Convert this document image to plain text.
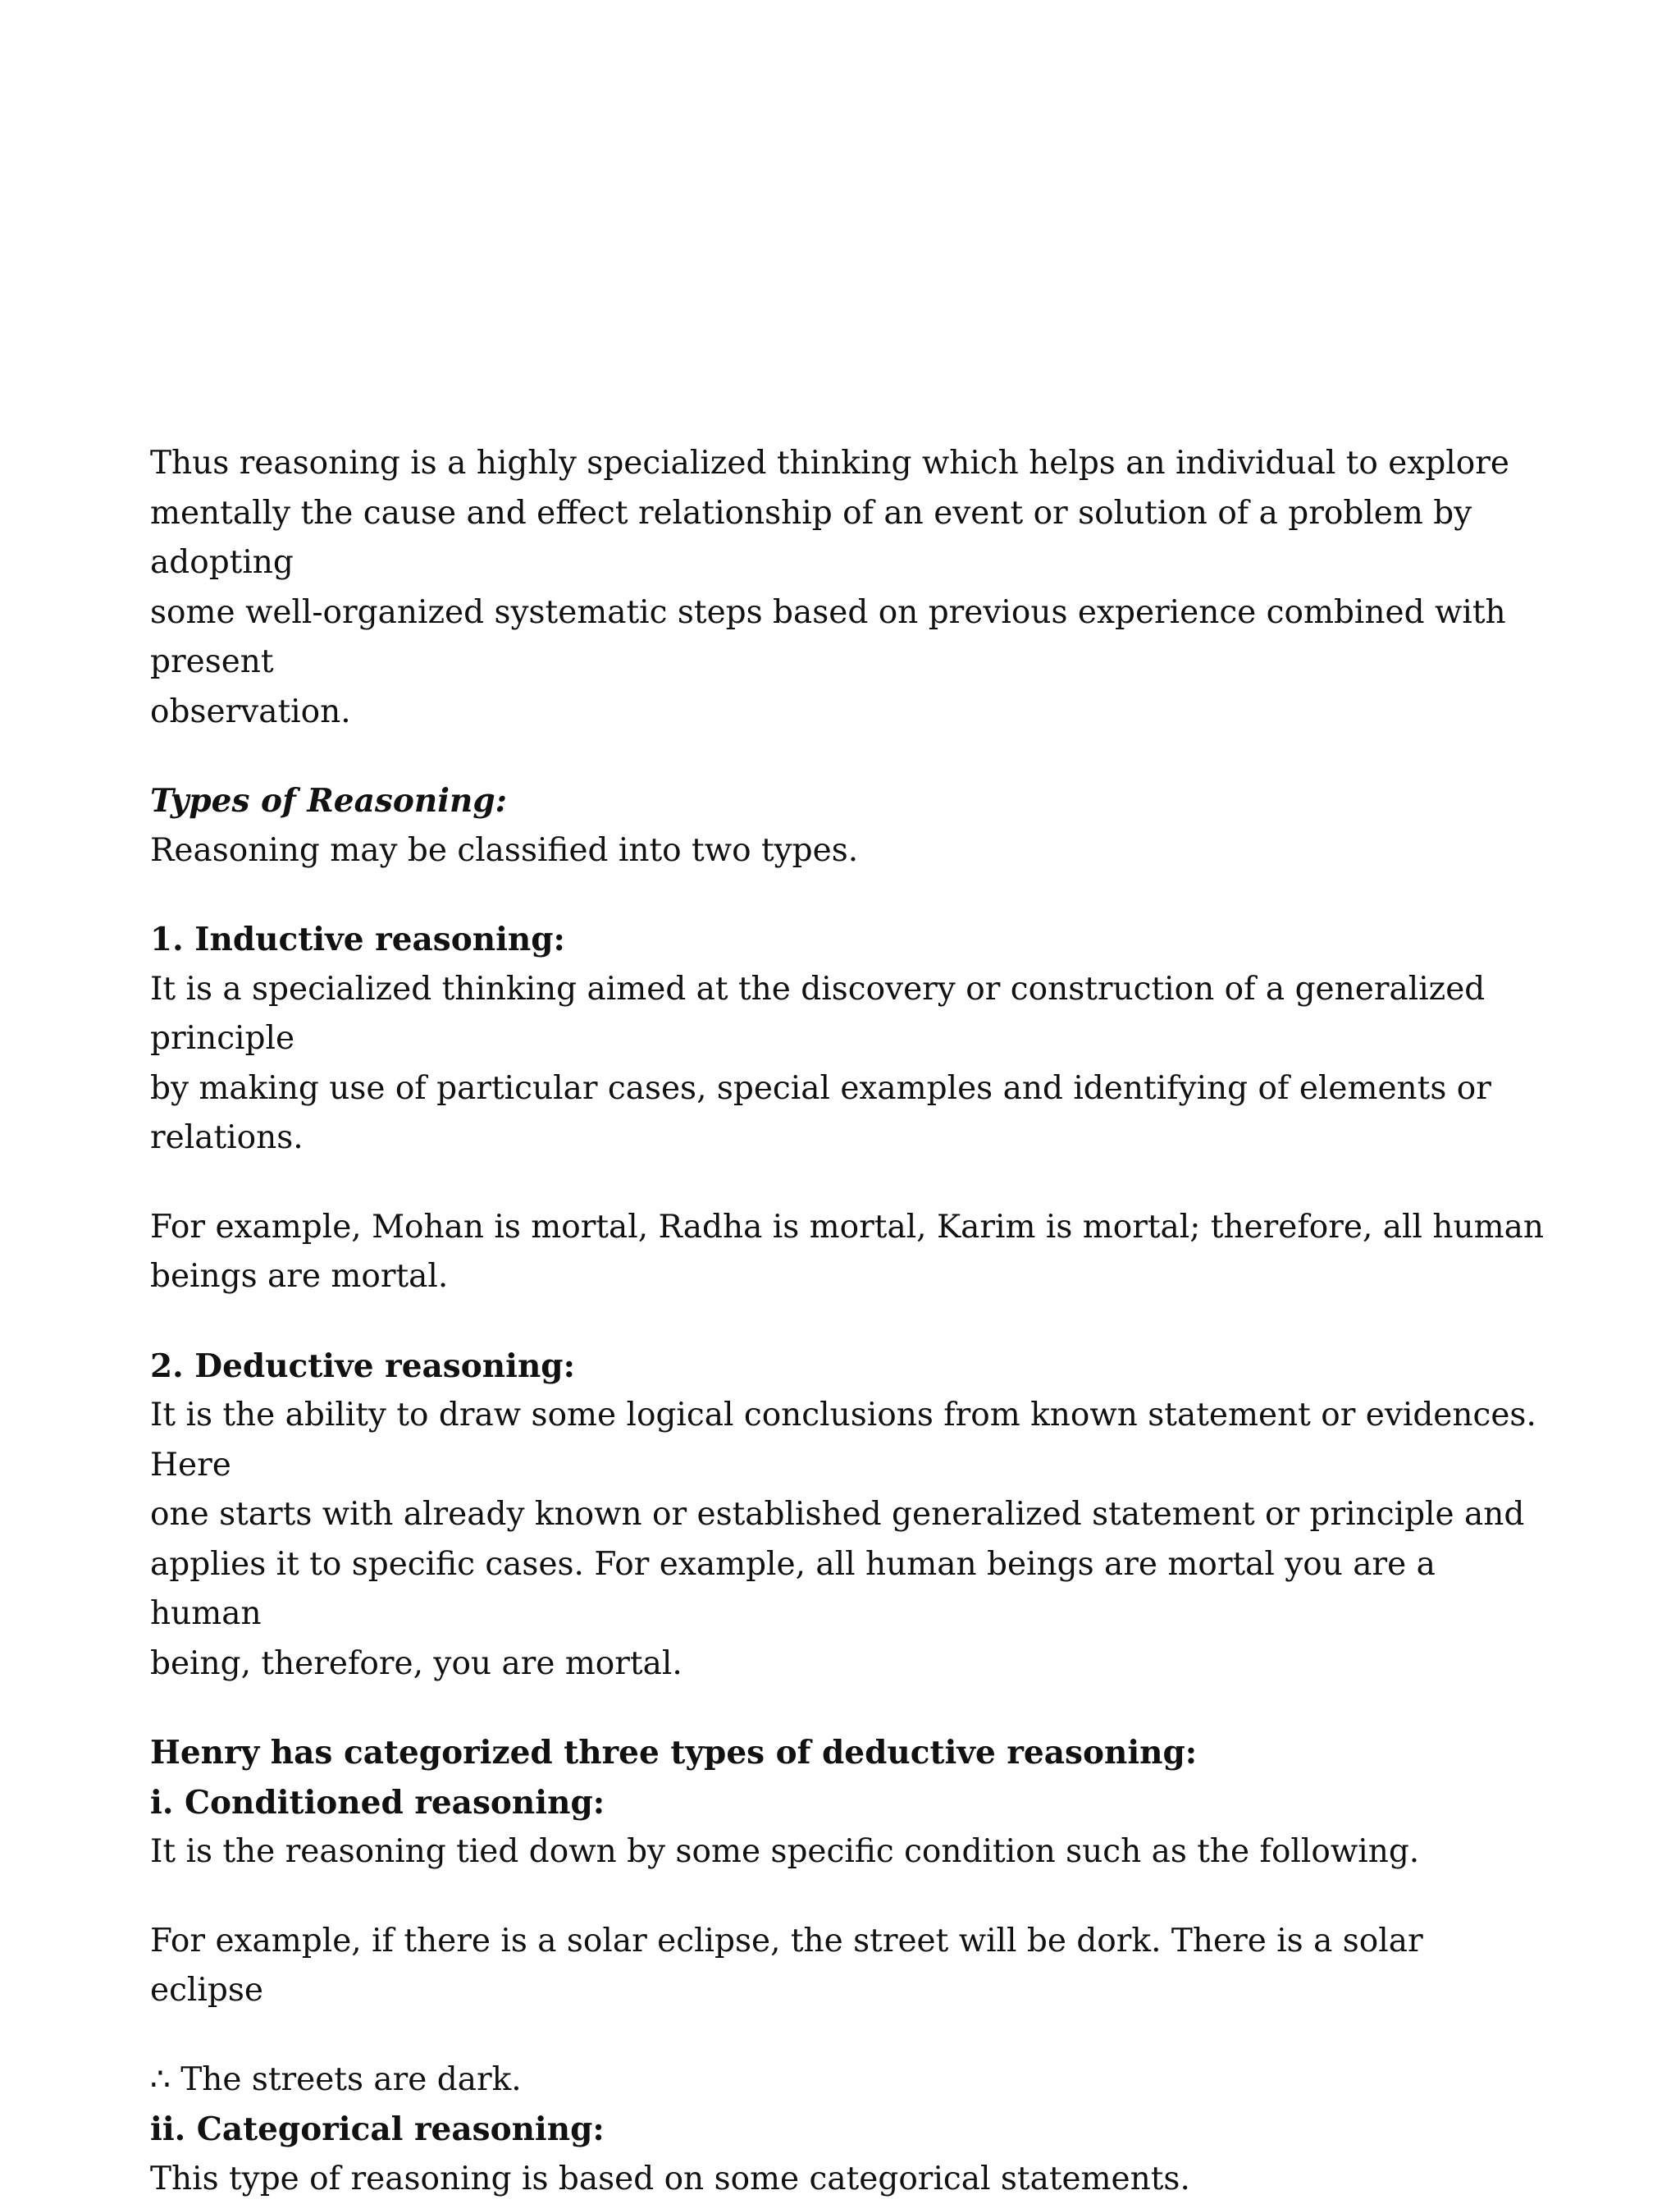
Thus reasoning is a highly specialized thinking which helps an individual to explore
mentally the cause and effect relationship of an event or solution of a problem by adopting
some well-organized systematic steps based on previous experience combined with present
observation.

Types of Reasoning:

Reasoning may be classified into two types.

1. Inductive reasoning:

It is a specialized thinking aimed at the discovery or construction of a generalized principle
by making use of particular cases, special examples and identifying of elements or
relations.

For example, Mohan is mortal, Radha is mortal, Karim is mortal; therefore, all human
beings are mortal.

2. Deductive reasoning:

It is the ability to draw some logical conclusions from known statement or evidences. Here
one starts with already known or established generalized statement or principle and
applies it to specific cases. For example, all human beings are mortal you are a human
being, therefore, you are mortal.

Henry has categorized three types of deductive reasoning:

i. Conditioned reasoning:

It is the reasoning tied down by some specific condition such as the following.

For example, if there is a solar eclipse, the street will be dork. There is a solar eclipse

∴ The streets are dark.

ii. Categorical reasoning:

This type of reasoning is based on some categorical statements.
